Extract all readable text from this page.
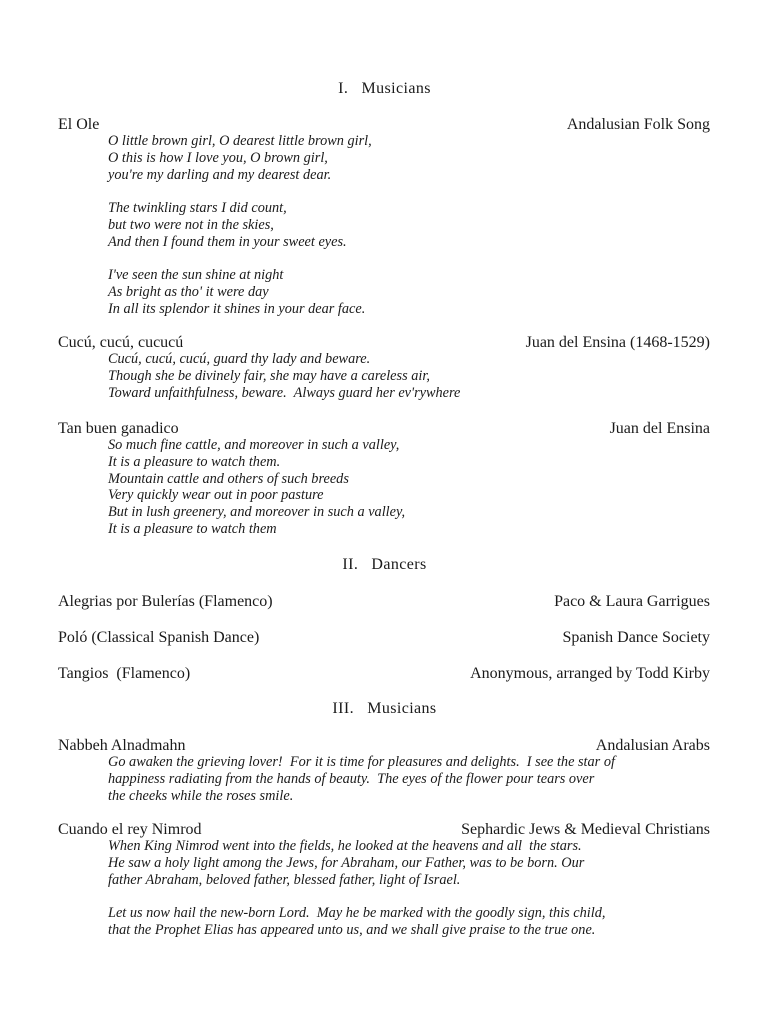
I.   Musicians
El Ole	Andalusian Folk Song
O little brown girl, O dearest little brown girl,
O this is how I love you, O brown girl,
you're my darling and my dearest dear.
The twinkling stars I did count,
but two were not in the skies,
And then I found them in your sweet eyes.
I've seen the sun shine at night
As bright as tho' it were day
In all its splendor it shines in your dear face.
Cucú, cucú, cucucú	Juan del Ensina (1468-1529)
Cucú, cucú, cucú, guard thy lady and beware.
Though she be divinely fair, she may have a careless air,
Toward unfaithfulness, beware.  Always guard her ev'rywhere
Tan buen ganadico	Juan del Ensina
So much fine cattle, and moreover in such a valley,
It is a pleasure to watch them.
Mountain cattle and others of such breeds
Very quickly wear out in poor pasture
But in lush greenery, and moreover in such a valley,
It is a pleasure to watch them
II.   Dancers
Alegrias por Bulerías (Flamenco)	Paco & Laura Garrigues
Poló (Classical Spanish Dance)	Spanish Dance Society
Tangios  (Flamenco)	Anonymous, arranged by Todd Kirby
III.   Musicians
Nabbeh Alnadmahn	Andalusian Arabs
Go awaken the grieving lover!  For it is time for pleasures and delights.  I see the star of
happiness radiating from the hands of beauty.  The eyes of the flower pour tears over
the cheeks while the roses smile.
Cuando el rey Nimrod	Sephardic Jews & Medieval Christians
When King Nimrod went into the fields, he looked at the heavens and all  the stars.
He saw a holy light among the Jews, for Abraham, our Father, was to be born. Our
father Abraham, beloved father, blessed father, light of Israel.
Let us now hail the new-born Lord.  May he be marked with the goodly sign, this child,
that the Prophet Elias has appeared unto us, and we shall give praise to the true one.
